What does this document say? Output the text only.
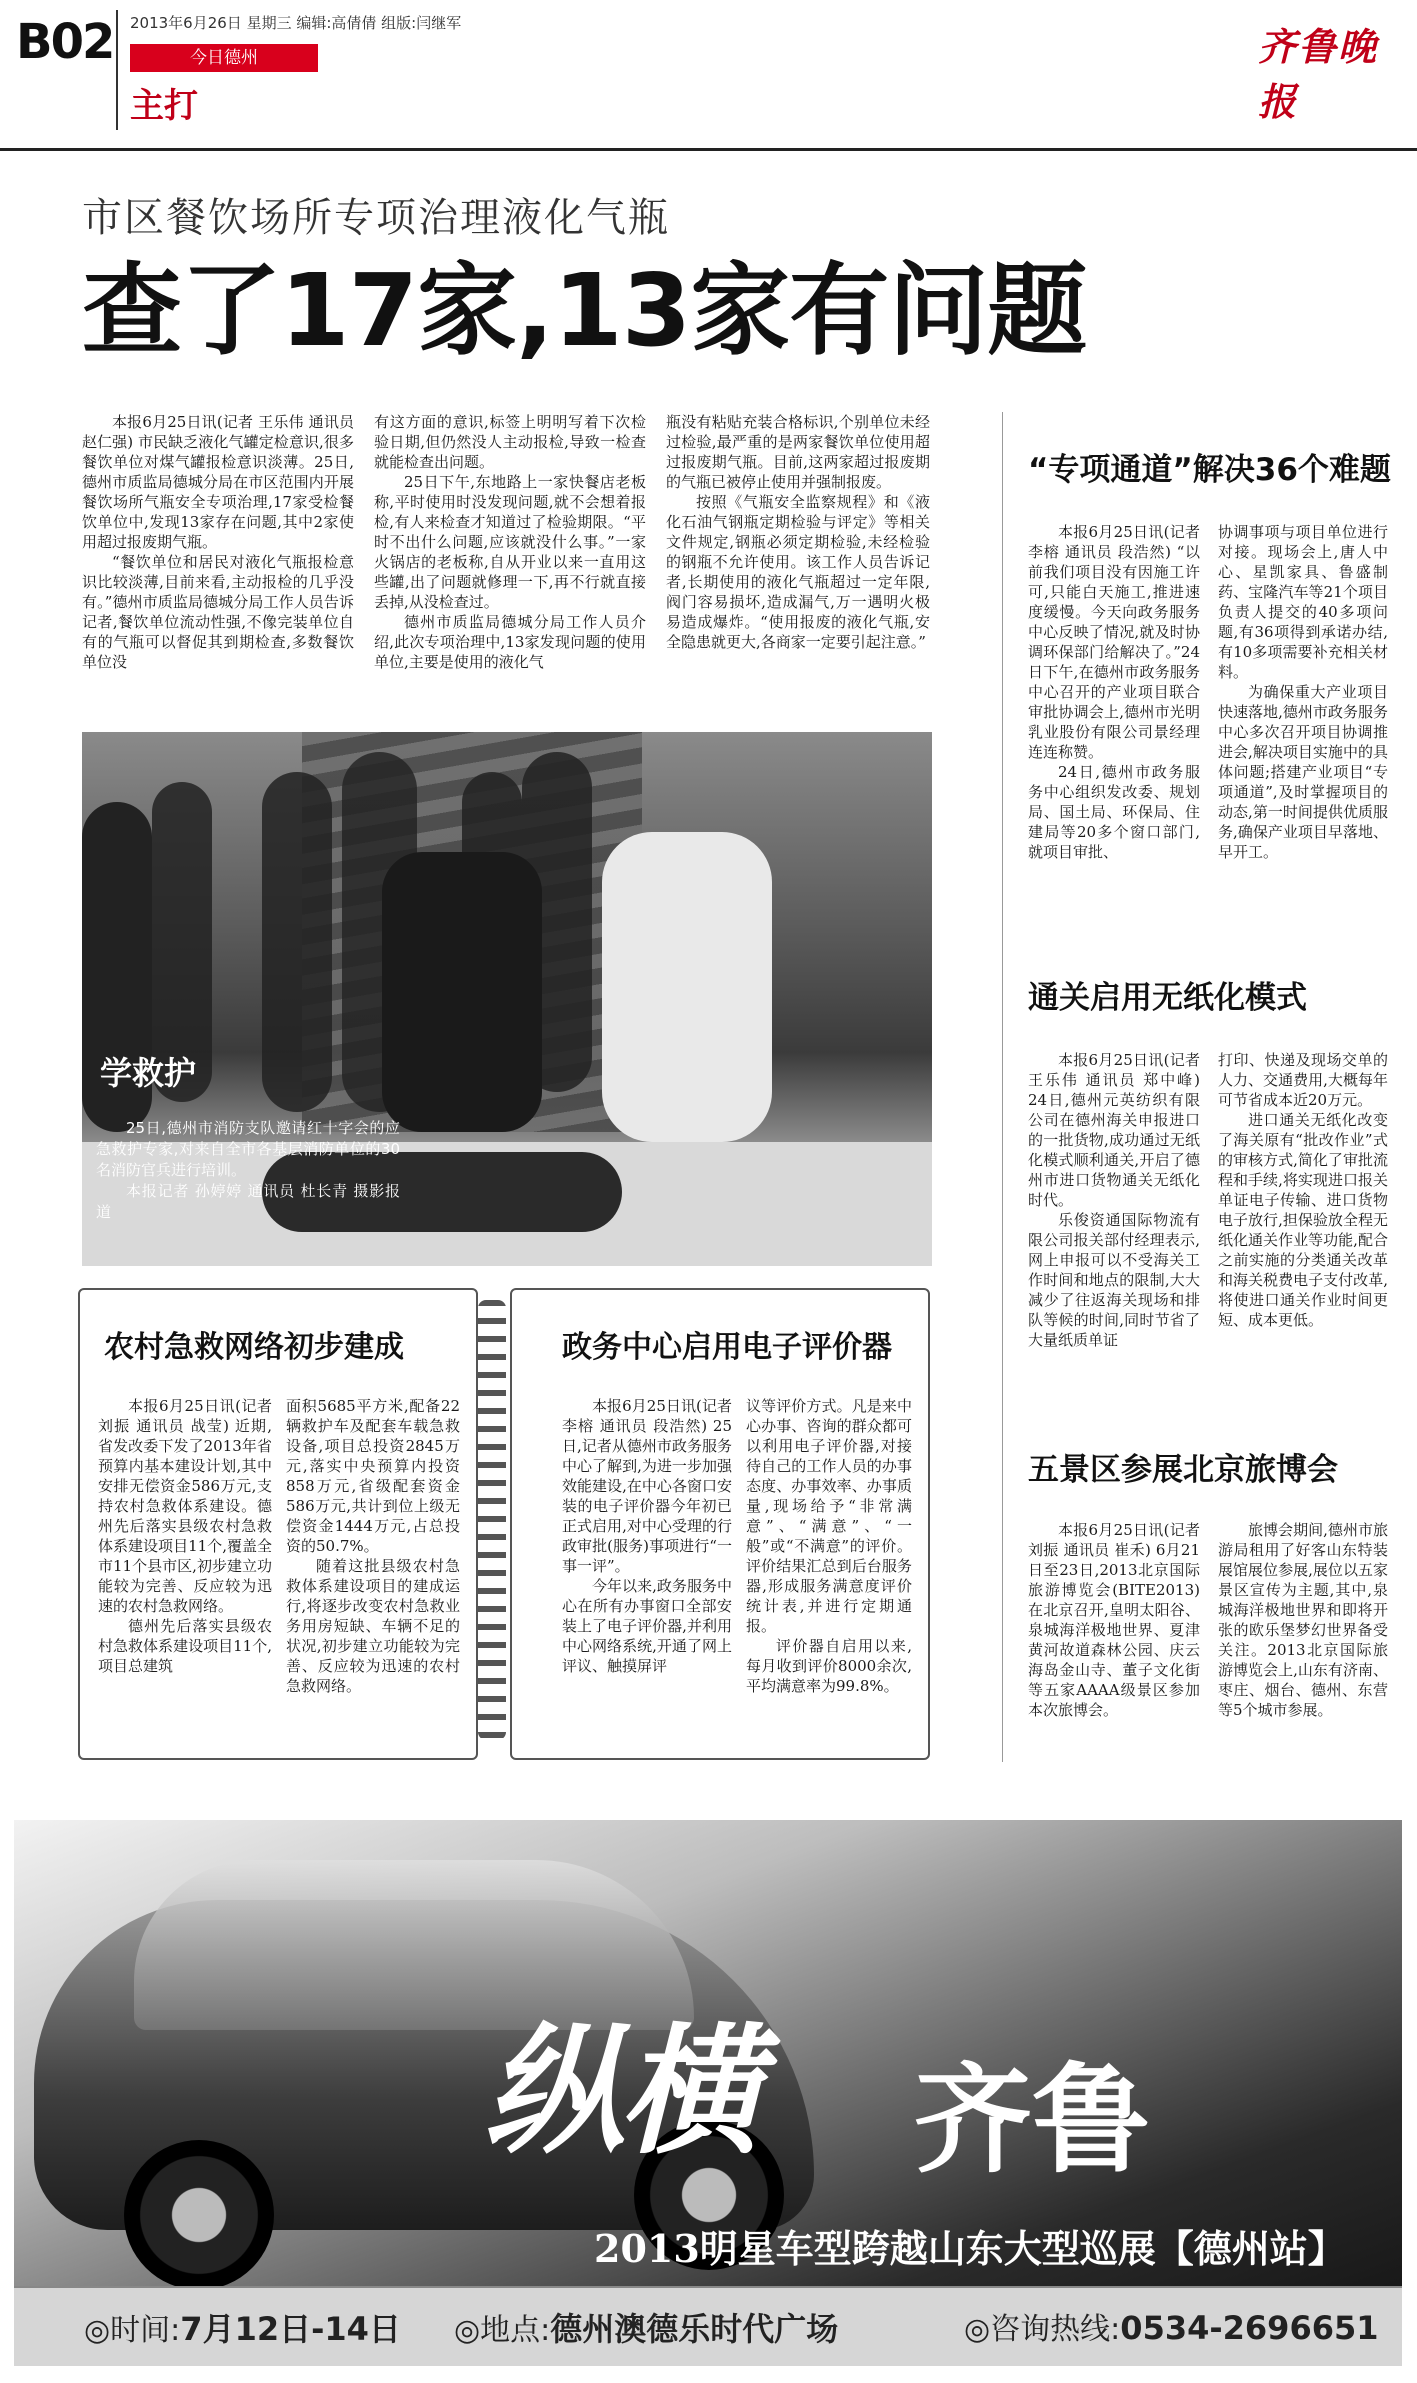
B02 2013年6月26日 星期三 编辑:高倩倩 组版:闫继军
今日德州
主打
齐鲁晚报
市区餐饮场所专项治理液化气瓶
查了17家,13家有问题

本报6月25日讯(记者 王乐伟 通讯员 赵仁强) 市民缺乏液化气罐定检意识,很多餐饮单位对煤气罐报检意识淡薄。25日,德州市质监局德城分局在市区范围内开展餐饮场所气瓶安全专项治理,17家受检餐饮单位中,发现13家存在问题,其中2家使用超过报废期气瓶。

“餐饮单位和居民对液化气瓶报检意识比较淡薄,目前来看,主动报检的几乎没有。”德州市质监局德城分局工作人员告诉记者,餐饮单位流动性强,不像完装单位自有的气瓶可以督促其到期检查,多数餐饮单位没

有这方面的意识,标签上明明写着下次检验日期,但仍然没人主动报检,导致一检查就能检查出问题。

25日下午,东地路上一家快餐店老板称,平时使用时没发现问题,就不会想着报检,有人来检查才知道过了检验期限。“平时不出什么问题,应该就没什么事。”一家火锅店的老板称,自从开业以来一直用这些罐,出了问题就修理一下,再不行就直接丢掉,从没检查过。

德州市质监局德城分局工作人员介绍,此次专项治理中,13家发现问题的使用单位,主要是使用的液化气

瓶没有粘贴充装合格标识,个别单位未经过检验,最严重的是两家餐饮单位使用超过报废期气瓶。目前,这两家超过报废期的气瓶已被停止使用并强制报废。

按照《气瓶安全监察规程》和《液化石油气钢瓶定期检验与评定》等相关文件规定,钢瓶必须定期检验,未经检验的钢瓶不允许使用。该工作人员告诉记者,长期使用的液化气瓶超过一定年限,阀门容易损坏,造成漏气,万一遇明火极易造成爆炸。“使用报废的液化气瓶,安全隐患就更大,各商家一定要引起注意。”

学救护
25日,德州市消防支队邀请红十字会的应急救护专家,对来自全市各基层消防单位的30名消防官兵进行培训。
本报记者 孙婷婷 通讯员 杜长青 摄影报道
“专项通道”解决36个难题

本报6月25日讯(记者 李榕 通讯员 段浩然) “以前我们项目没有因施工许可,只能白天施工,推进速度缓慢。今天向政务服务中心反映了情况,就及时协调环保部门给解决了。”24日下午,在德州市政务服务中心召开的产业项目联合审批协调会上,德州市光明乳业股份有限公司景经理连连称赞。

24日,德州市政务服务中心组织发改委、规划局、国土局、环保局、住建局等20多个窗口部门,就项目审批、

协调事项与项目单位进行对接。现场会上,唐人中心、星凯家具、鲁盛制药、宝隆汽车等21个项目负责人提交的40多项问题,有36项得到承诺办结,有10多项需要补充相关材料。

为确保重大产业项目快速落地,德州市政务服务中心多次召开项目协调推进会,解决项目实施中的具体问题;搭建产业项目“专项通道”,及时掌握项目的动态,第一时间提供优质服务,确保产业项目早落地、早开工。

通关启用无纸化模式

本报6月25日讯(记者 王乐伟 通讯员 郑中峰) 24日,德州元英纺织有限公司在德州海关申报进口的一批货物,成功通过无纸化模式顺利通关,开启了德州市进口货物通关无纸化时代。

乐俊资通国际物流有限公司报关部付经理表示,网上申报可以不受海关工作时间和地点的限制,大大减少了往返海关现场和排队等候的时间,同时节省了大量纸质单证

打印、快递及现场交单的人力、交通费用,大概每年可节省成本近20万元。

进口通关无纸化改变了海关原有“批改作业”式的审核方式,简化了审批流程和手续,将实现进口报关单证电子传输、进口货物电子放行,担保验放全程无纸化通关作业等功能,配合之前实施的分类通关改革和海关税费电子支付改革,将使进口通关作业时间更短、成本更低。

五景区参展北京旅博会

本报6月25日讯(记者 刘振 通讯员 崔禾) 6月21日至23日,2013北京国际旅游博览会(BITE2013)在北京召开,皇明太阳谷、泉城海洋极地世界、夏津黄河故道森林公园、庆云海岛金山寺、董子文化街等五家AAAA级景区参加本次旅博会。

旅博会期间,德州市旅游局租用了好客山东特装展馆展位参展,展位以五家景区宣传为主题,其中,泉城海洋极地世界和即将开张的欧乐堡梦幻世界备受关注。2013北京国际旅游博览会上,山东有济南、枣庄、烟台、德州、东营等5个城市参展。

农村急救网络初步建成

本报6月25日讯(记者 刘振 通讯员 战莹) 近期,省发改委下发了2013年省预算内基本建设计划,其中安排无偿资金586万元,支持农村急救体系建设。德州先后落实县级农村急救体系建设项目11个,覆盖全市11个县市区,初步建立功能较为完善、反应较为迅速的农村急救网络。

德州先后落实县级农村急救体系建设项目11个,项目总建筑

面积5685平方米,配备22辆救护车及配套车载急救设备,项目总投资2845万元,落实中央预算内投资858万元,省级配套资金586万元,共计到位上级无偿资金1444万元,占总投资的50.7%。

随着这批县级农村急救体系建设项目的建成运行,将逐步改变农村急救业务用房短缺、车辆不足的状况,初步建立功能较为完善、反应较为迅速的农村急救网络。

政务中心启用电子评价器

本报6月25日讯(记者 李榕 通讯员 段浩然) 25日,记者从德州市政务服务中心了解到,为进一步加强效能建设,在中心各窗口安装的电子评价器今年初已正式启用,对中心受理的行政审批(服务)事项进行“一事一评”。

今年以来,政务服务中心在所有办事窗口全部安装上了电子评价器,并利用中心网络系统,开通了网上评议、触摸屏评

议等评价方式。凡是来中心办事、咨询的群众都可以利用电子评价器,对接待自己的工作人员的办事态度、办事效率、办事质量,现场给予“非常满意”、“满意”、“一般”或“不满意”的评价。评价结果汇总到后台服务器,形成服务满意度评价统计表,并进行定期通报。

评价器自启用以来,每月收到评价8000余次,平均满意率为99.8%。

纵横 齐鲁
2013明星车型跨越山东大型巡展【德州站】
◎时间:7月12日-14日 ◎地点:德州澳德乐时代广场	◎咨询热线:0534-2696651
